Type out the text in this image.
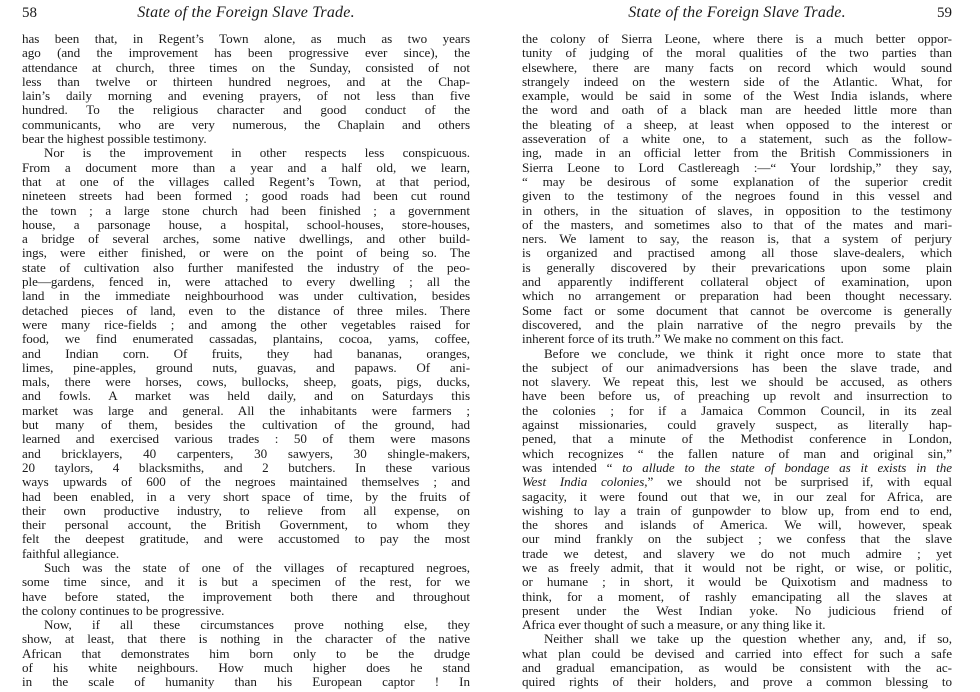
58	State of the Foreign Slave Trade.

has been that, in Regent’s Town alone, as much as two years

ago (and the improvement has been progressive ever since), the

attendance at church, three times on the Sunday, consisted of not

less than twelve or thirteen hundred negroes, and at the Chap-

lain’s daily morning and evening prayers, of not less than five

hundred. To the religious character and good conduct of the

communicants, who are very numerous, the Chaplain and others

bear the highest possible testimony.

Nor is the improvement in other respects less conspicuous.

From a document more than a year and a half old, we learn,

that at one of the villages called Regent’s Town, at that period,

nineteen streets had been formed ; good roads had been cut round

the town ; a large stone church had been finished ; a government

house, a parsonage house, a hospital, school-houses, store-houses,

a bridge of several arches, some native dwellings, and other build-

ings, were either finished, or were on the point of being so. The

state of cultivation also further manifested the industry of the peo-

ple—gardens, fenced in, were attached to every dwelling ; all the

land in the immediate neighbourhood was under cultivation, besides

detached pieces of land, even to the distance of three miles. There

were many rice-fields ; and among the other vegetables raised for

food, we find enumerated cassadas, plantains, cocoa, yams, coffee,

and Indian corn. Of fruits, they had bananas, oranges,

limes, pine-apples, ground nuts, guavas, and papaws. Of ani-

mals, there were horses, cows, bullocks, sheep, goats, pigs, ducks,

and fowls. A market was held daily, and on Saturdays this

market was large and general. All the inhabitants were farmers ;

but many of them, besides the cultivation of the ground, had

learned and exercised various trades : 50 of them were masons

and bricklayers, 40 carpenters, 30 sawyers, 30 shingle-makers,

20 taylors, 4 blacksmiths, and 2 butchers. In these various

ways upwards of 600 of the negroes maintained themselves ; and

had been enabled, in a very short space of time, by the fruits of

their own productive industry, to relieve from all expense, on

their personal account, the British Government, to whom they

felt the deepest gratitude, and were accustomed to pay the most

faithful allegiance.

Such was the state of one of the villages of recaptured negroes,

some time since, and it is but a specimen of the rest, for we

have before stated, the improvement both there and throughout

the colony continues to be progressive.

Now, if all these circumstances prove nothing else, they

show, at least, that there is nothing in the character of the native

African that demonstrates him born only to be the drudge

of his white neighbours. How much higher does he stand

in the scale of humanity than his European captor ! In

State of the Foreign Slave Trade.	59

the colony of Sierra Leone, where there is a much better oppor-

tunity of judging of the moral qualities of the two parties than

elsewhere, there are many facts on record which would sound

strangely indeed on the western side of the Atlantic. What, for

example, would be said in some of the West India islands, where

the word and oath of a black man are heeded little more than

the bleating of a sheep, at least when opposed to the interest or

asseveration of a white one, to a statement, such as the follow-

ing, made in an official letter from the British Commissioners in

Sierra Leone to Lord Castlereagh :—“ Your lordship,” they say,

“ may be desirous of some explanation of the superior credit

given to the testimony of the negroes found in this vessel and

in others, in the situation of slaves, in opposition to the testimony

of the masters, and sometimes also to that of the mates and mari-

ners. We lament to say, the reason is, that a system of perjury

is organized and practised among all those slave-dealers, which

is generally discovered by their prevarications upon some plain

and apparently indifferent collateral object of examination, upon

which no arrangement or preparation had been thought necessary.

Some fact or some document that cannot be overcome is generally

discovered, and the plain narrative of the negro prevails by the

inherent force of its truth.” We make no comment on this fact.

Before we conclude, we think it right once more to state that

the subject of our animadversions has been the slave trade, and

not slavery. We repeat this, lest we should be accused, as others

have been before us, of preaching up revolt and insurrection to

the colonies ; for if a Jamaica Common Council, in its zeal

against missionaries, could gravely suspect, as literally hap-

pened, that a minute of the Methodist conference in London,

which recognizes “ the fallen nature of man and original sin,”

was intended “ to allude to the state of bondage as it exists in the

West India colonies,” we should not be surprised if, with equal

sagacity, it were found out that we, in our zeal for Africa, are

wishing to lay a train of gunpowder to blow up, from end to end,

the shores and islands of America. We will, however, speak

our mind frankly on the subject ; we confess that the slave

trade we detest, and slavery we do not much admire ; yet

we as freely admit, that it would not be right, or wise, or politic,

or humane ; in short, it would be Quixotism and madness to

think, for a moment, of rashly emancipating all the slaves at

present under the West Indian yoke. No judicious friend of

Africa ever thought of such a measure, or any thing like it.

Neither shall we take up the question whether any, and, if so,

what plan could be devised and carried into effect for such a safe

and gradual emancipation, as would be consistent with the ac-

quired rights of their holders, and prove a common blessing to
